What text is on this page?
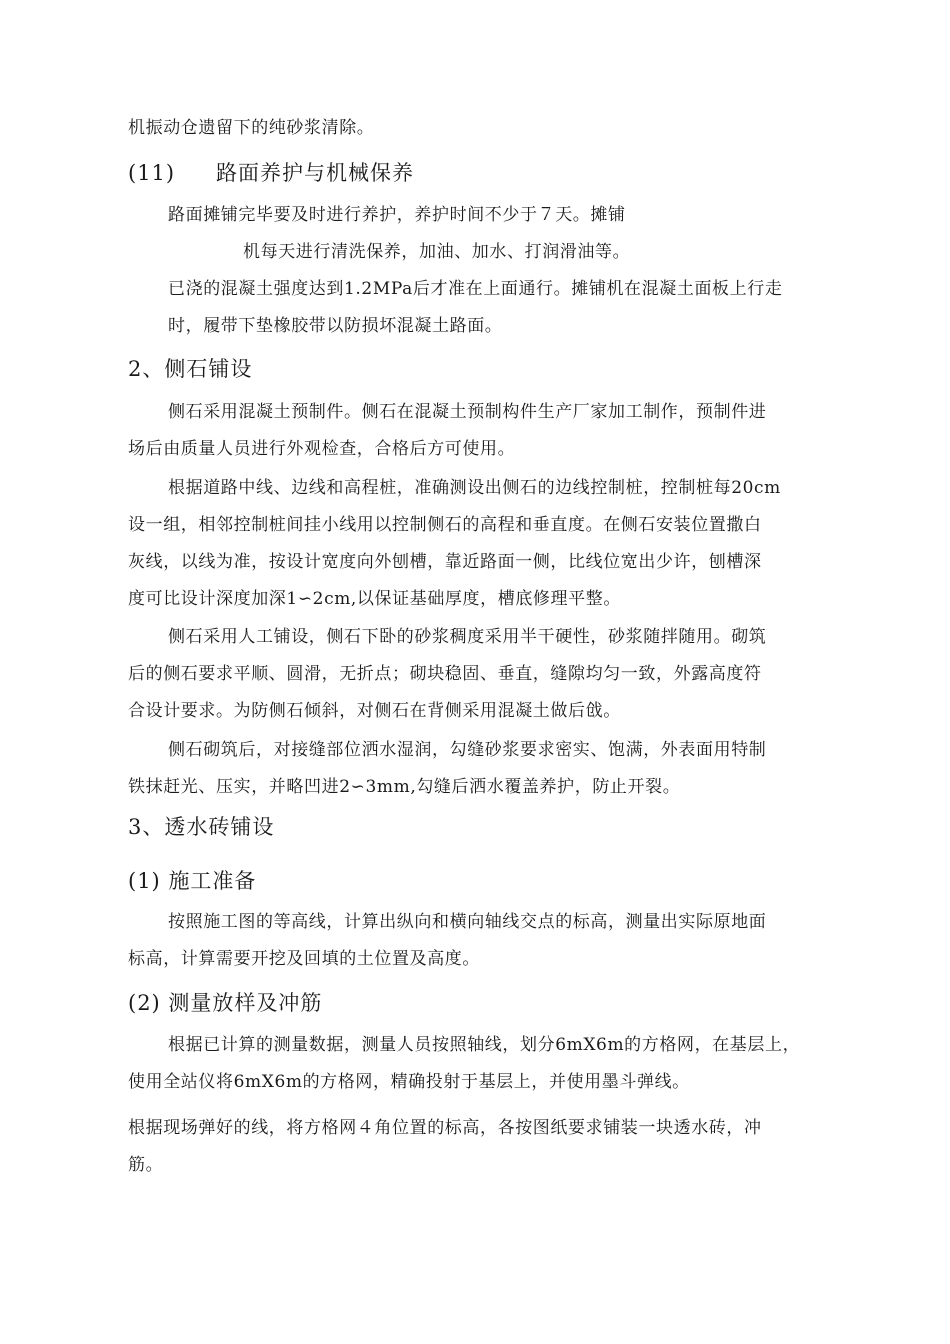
机振动仓遗留下的纯砂浆清除。
(11) 路面养护与机械保养
路面摊铺完毕要及时进行养护，养护时间不少于７天。摊铺
机每天进行清洗保养，加油、加水、打润滑油等。
已浇的混凝土强度达到1.2MPa后才准在上面通行。摊铺机在混凝土面板上行走
时，履带下垫橡胶带以防损坏混凝土路面。
2、侧石铺设
侧石采用混凝土预制件。侧石在混凝土预制构件生产厂家加工制作，预制件进
场后由质量人员进行外观检查，合格后方可使用。
根据道路中线、边线和高程桩，准确测设出侧石的边线控制桩，控制桩每20cm
设一组，相邻控制桩间挂小线用以控制侧石的高程和垂直度。在侧石安装位置撒白
灰线，以线为准，按设计宽度向外刨槽，靠近路面一侧，比线位宽出少许，刨槽深
度可比设计深度加深1∽2cm,以保证基础厚度，槽底修理平整。
侧石采用人工铺设，侧石下卧的砂浆稠度采用半干硬性，砂浆随拌随用。砌筑
后的侧石要求平顺、圆滑，无折点；砌块稳固、垂直，缝隙均匀一致，外露高度符
合设计要求。为防侧石倾斜，对侧石在背侧采用混凝土做后戗。
侧石砌筑后，对接缝部位洒水湿润，勾缝砂浆要求密实、饱满，外表面用特制
铁抹赶光、压实，并略凹进2∽3mm,勾缝后洒水覆盖养护，防止开裂。
3、透水砖铺设
(1) 施工准备
按照施工图的等高线，计算出纵向和横向轴线交点的标高，测量出实际原地面
标高，计算需要开挖及回填的土位置及高度。
(2) 测量放样及冲筋
根据已计算的测量数据，测量人员按照轴线，划分6mX6m的方格网，在基层上，
使用全站仪将6mX6m的方格网，精确投射于基层上，并使用墨斗弹线。
根据现场弹好的线，将方格网４角位置的标高，各按图纸要求铺装一块透水砖，冲
筋。
